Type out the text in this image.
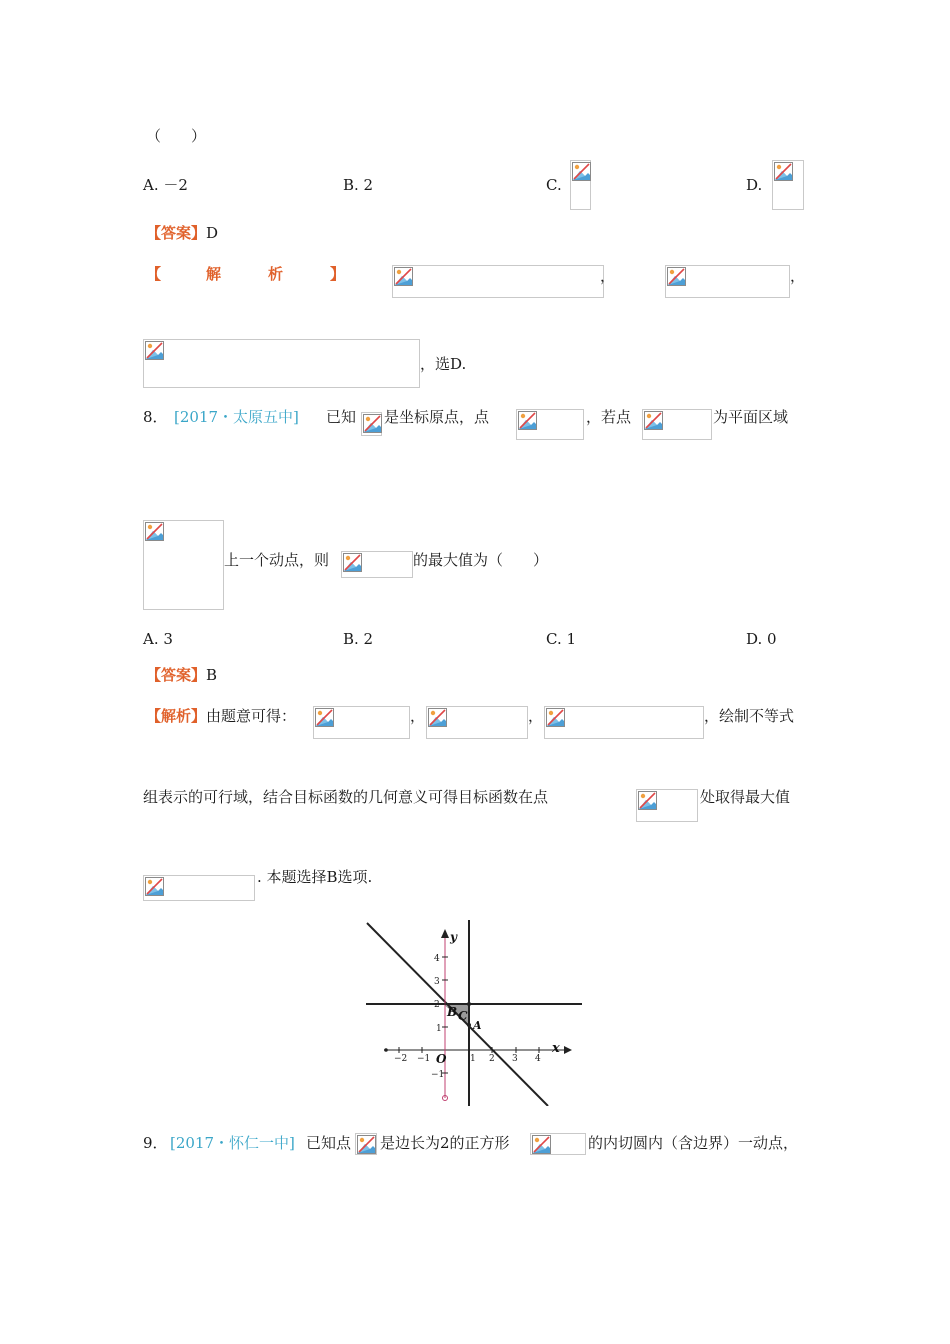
（　　）
A. －2	B. 2	C.	D.
【答案】D
【	解	析	】	，	，
，选D.
8． [2017・太原五中] 已知 是坐标原点，点	，若点	为平面区域
上一个动点，则	的最大值为（　　）
A. 3	B. 2	C. 1	D. 0
【答案】B
【解析】由题意可得：	，	，	，绘制不等式
组表示的可行域，结合目标函数的几何意义可得目标函数在点	处取得最大值
. 本题选择B选项.
−2 −1	2 3 4
4
3
2
1
−1
1
x
y
O
B C
A
9． [2017・怀仁一中] 已知点 是边长为2的正方形	的内切圆内（含边界）一动点，
